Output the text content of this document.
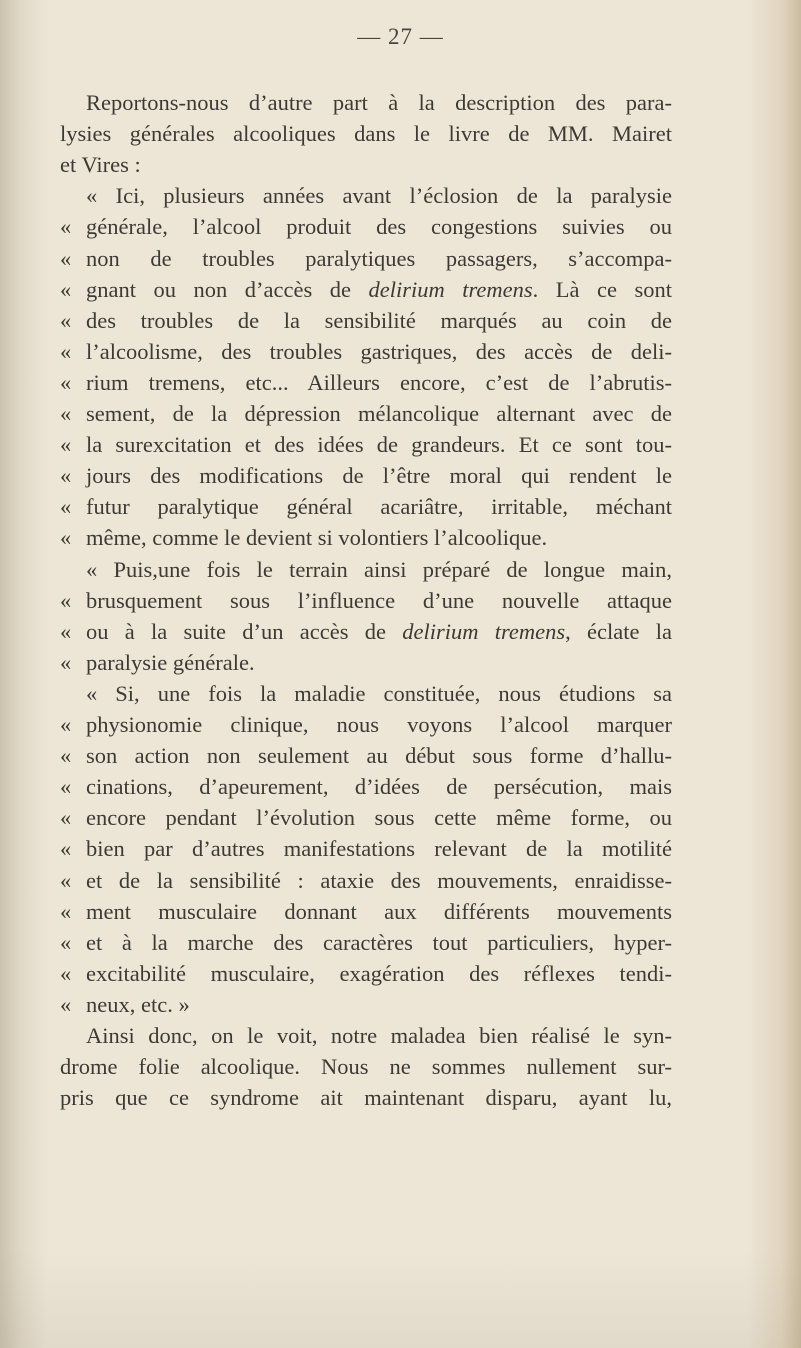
— 27 —
Reportons-nous d’autre part à la description des para-
lysies générales alcooliques dans le livre de MM. Mairet
et Vires :
« Ici, plusieurs années avant l’éclosion de la paralysie
« générale, l’alcool produit des congestions suivies ou
« non de troubles paralytiques passagers, s’accompa-
« gnant ou non d’accès de delirium tremens. Là ce sont
« des troubles de la sensibilité marqués au coin de
« l’alcoolisme, des troubles gastriques, des accès de deli-
« rium tremens, etc... Ailleurs encore, c’est de l’abrutis-
« sement, de la dépression mélancolique alternant avec de
« la surexcitation et des idées de grandeurs. Et ce sont tou-
« jours des modifications de l’être moral qui rendent le
« futur paralytique général acariâtre, irritable, méchant
« même, comme le devient si volontiers l’alcoolique.
« Puis,une fois le terrain ainsi préparé de longue main,
« brusquement sous l’influence d’une nouvelle attaque
« ou à la suite d’un accès de delirium tremens, éclate la
« paralysie générale.
« Si, une fois la maladie constituée, nous étudions sa
« physionomie clinique, nous voyons l’alcool marquer
« son action non seulement au début sous forme d’hallu-
« cinations, d’apeurement, d’idées de persécution, mais
« encore pendant l’évolution sous cette même forme, ou
« bien par d’autres manifestations relevant de la motilité
« et de la sensibilité : ataxie des mouvements, enraidisse-
« ment musculaire donnant aux différents mouvements
« et à la marche des caractères tout particuliers, hyper-
« excitabilité musculaire, exagération des réflexes tendi-
« neux, etc. »
Ainsi donc, on le voit, notre maladea bien réalisé le syn-
drome folie alcoolique. Nous ne sommes nullement sur-
pris que ce syndrome ait maintenant disparu, ayant lu,
